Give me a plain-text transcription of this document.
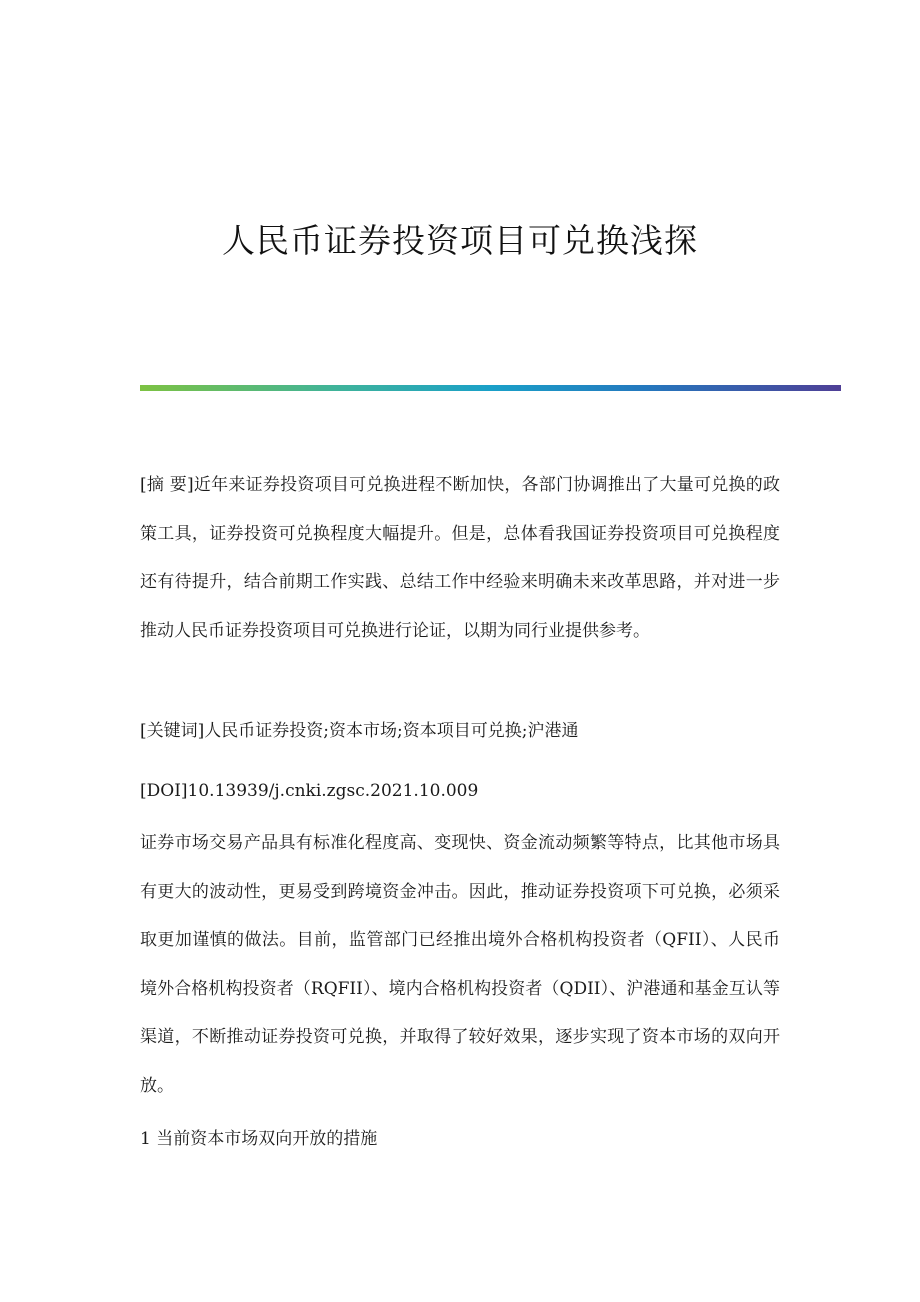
人民币证券投资项目可兑换浅探

[摘 要]近年来证券投资项目可兑换进程不断加快，各部门协调推出了大量可兑换的政策工具，证券投资可兑换程度大幅提升。但是，总体看我国证券投资项目可兑换程度还有待提升，结合前期工作实践、总结工作中经验来明确未来改革思路，并对进一步推动人民币证券投资项目可兑换进行论证，以期为同行业提供参考。

[关键词]人民币证券投资;资本市场;资本项目可兑换;沪港通

[DOI]10.13939/j.cnki.zgsc.2021.10.009

证券市场交易产品具有标准化程度高、变现快、资金流动频繁等特点，比其他市场具有更大的波动性，更易受到跨境资金冲击。因此，推动证券投资项下可兑换，必须采取更加谨慎的做法。目前，监管部门已经推出境外合格机构投资者（QFII）、人民币境外合格机构投资者（RQFII）、境内合格机构投资者（QDII）、沪港通和基金互认等渠道，不断推动证券投资可兑换，并取得了较好效果，逐步实现了资本市场的双向开放。

1 当前资本市场双向开放的措施
